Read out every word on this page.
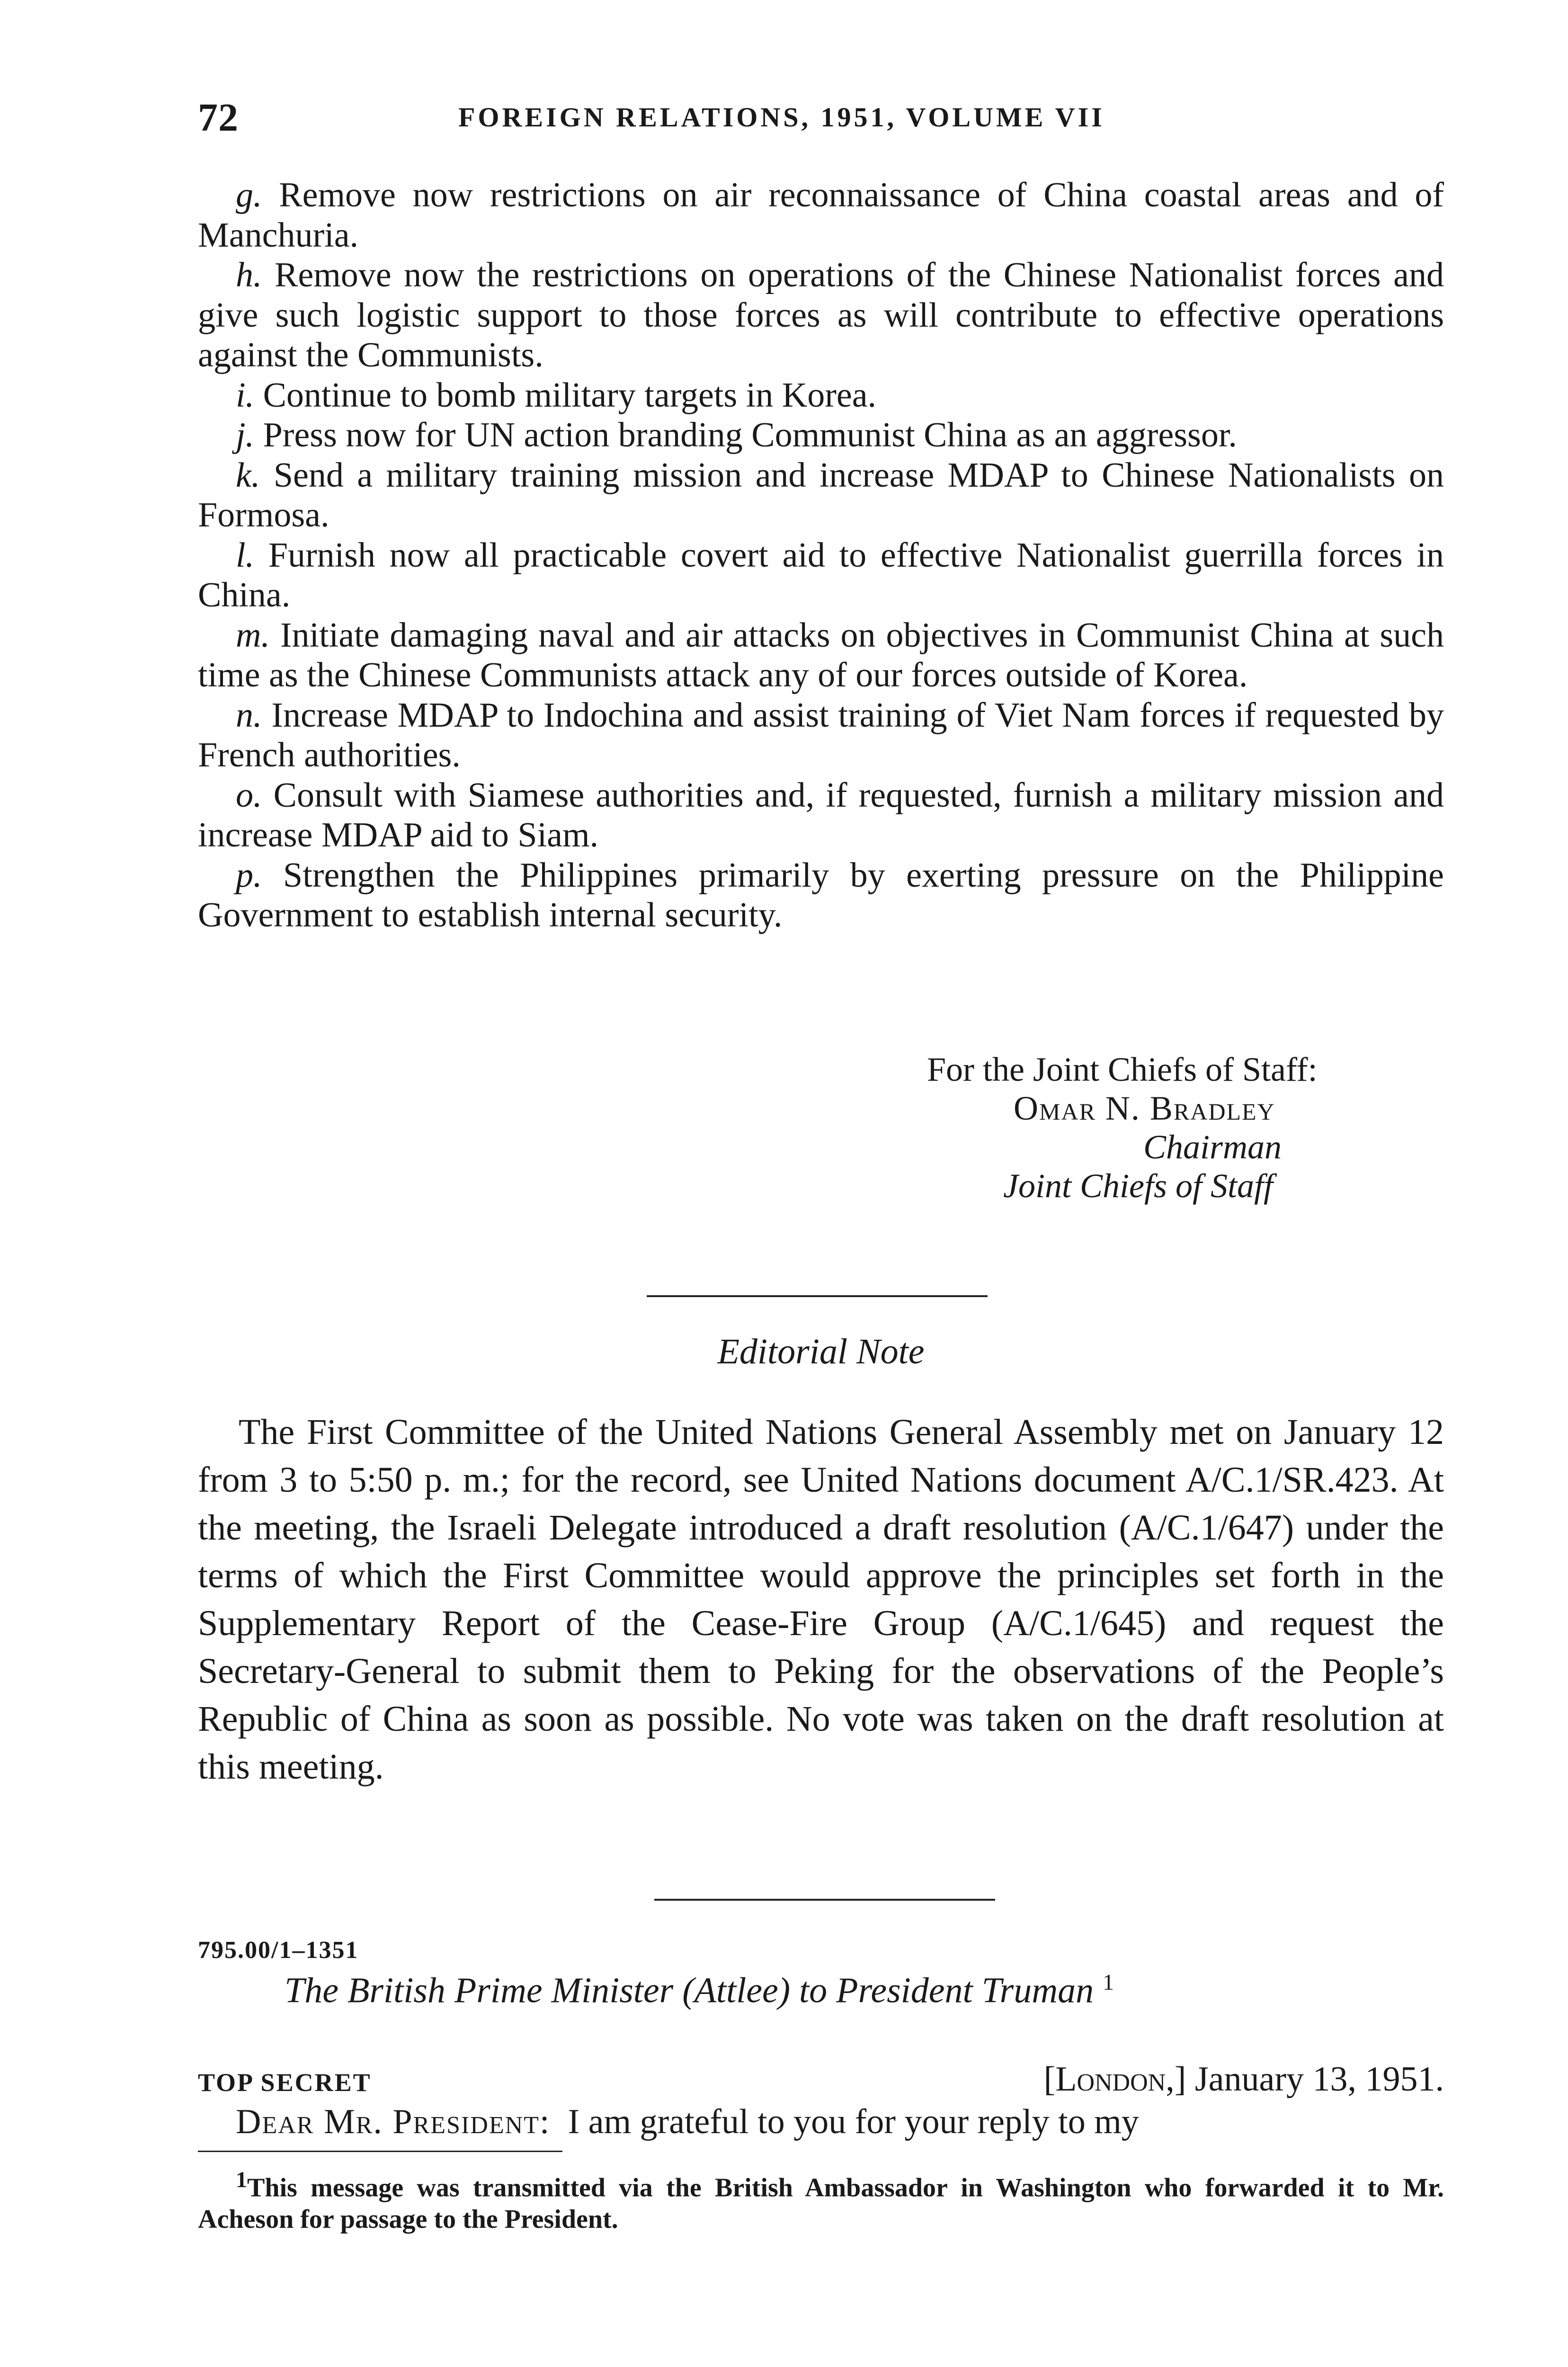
72	FOREIGN RELATIONS, 1951, VOLUME VII

g. Remove now restrictions on air reconnaissance of China coastal areas and of Manchuria.

h. Remove now the restrictions on operations of the Chinese Nationalist forces and give such logistic support to those forces as will contribute to effective operations against the Communists.

i. Continue to bomb military targets in Korea.

j. Press now for UN action branding Communist China as an aggressor.

k. Send a military training mission and increase MDAP to Chinese Nationalists on Formosa.

l. Furnish now all practicable covert aid to effective Nationalist guerrilla forces in China.

m. Initiate damaging naval and air attacks on objectives in Communist China at such time as the Chinese Communists attack any of our forces outside of Korea.

n. Increase MDAP to Indochina and assist training of Viet Nam forces if requested by French authorities.

o. Consult with Siamese authorities and, if requested, furnish a military mission and increase MDAP aid to Siam.

p. Strengthen the Philippines primarily by exerting pressure on the Philippine Government to establish internal security.

For the Joint Chiefs of Staff:
Omar N. Bradley
Chairman
Joint Chiefs of Staff
Editorial Note

The First Committee of the United Nations General Assembly met on January 12 from 3 to 5:50 p. m.; for the record, see United Nations document A/C.1/SR.423. At the meeting, the Israeli Delegate introduced a draft resolution (A/C.1/647) under the terms of which the First Committee would approve the principles set forth in the Supplementary Report of the Cease-Fire Group (A/C.1/645) and request the Secretary-General to submit them to Peking for the observations of the People’s Republic of China as soon as possible. No vote was taken on the draft resolution at this meeting.

795.00/1–1351
The British Prime Minister (Attlee) to President Truman $^1$
TOP SECRET	[London,] January 13, 1951.
Dear Mr. President: I am grateful to you for your reply to my

$^1$This message was transmitted via the British Ambassador in Washington who forwarded it to Mr. Acheson for passage to the President.
